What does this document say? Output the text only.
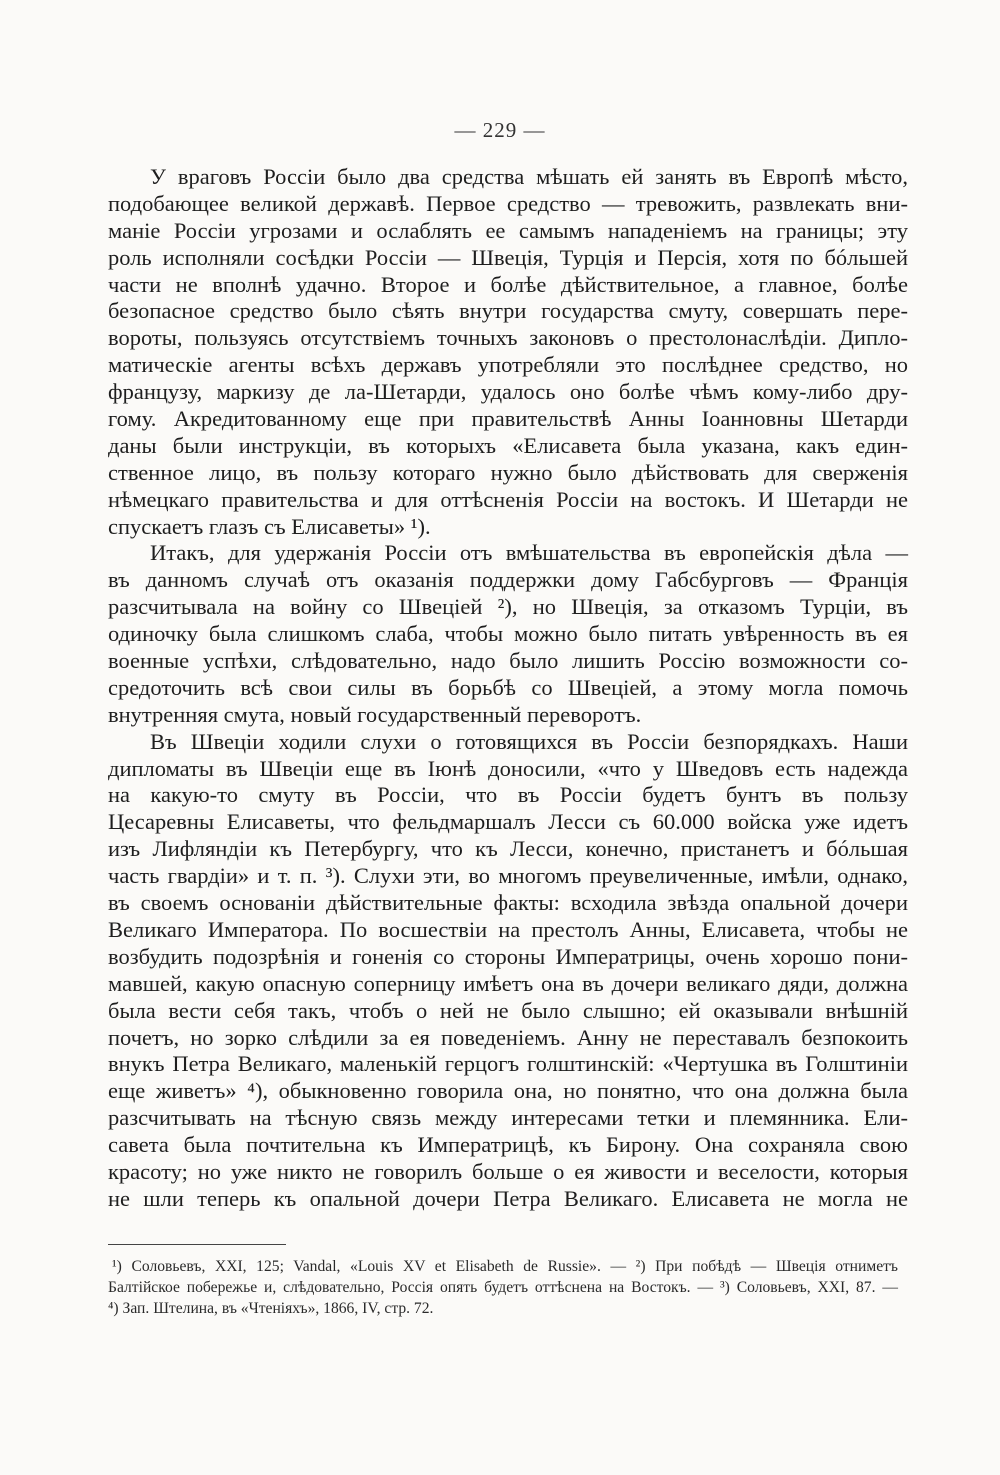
— 229 —
У враговъ Россіи было два средства мѣшать ей занять въ Европѣ мѣсто,
подобающее великой державѣ. Первое средство — тревожить, развлекать вни-
маніе Россіи угрозами и ослаблять ее самымъ нападеніемъ на границы; эту
роль исполняли сосѣдки Россіи — Швеція, Турція и Персія, хотя по бóльшей
части не вполнѣ удачно. Второе и болѣе дѣйствительное, а главное, болѣе
безопасное средство было сѣять внутри государства смуту, совершать пере-
вороты, пользуясь отсутствіемъ точныхъ законовъ о престолонаслѣдіи. Дипло-
матическіе агенты всѣхъ державъ употребляли это послѣднее средство, но
французу, маркизу де ла-Шетарди, удалось оно болѣе чѣмъ кому-либо дру-
гому. Акредитованному еще при правительствѣ Анны Іоанновны Шетарди
даны были инструкціи, въ которыхъ «Елисавета была указана, какъ един-
ственное лицо, въ пользу котораго нужно было дѣйствовать для сверженія
нѣмецкаго правительства и для оттѣсненія Россіи на востокъ. И Шетарди не
спускаетъ глазъ съ Елисаветы» ¹).
Итакъ, для удержанія Россіи отъ вмѣшательства въ европейскія дѣла —
въ данномъ случаѣ отъ оказанія поддержки дому Габсбурговъ — Франція
разсчитывала на войну со Швеціей ²), но Швеція, за отказомъ Турціи, въ
одиночку была слишкомъ слаба, чтобы можно было питать увѣренность въ ея
военные успѣхи, слѣдовательно, надо было лишить Россію возможности со-
средоточить всѣ свои силы въ борьбѣ со Швеціей, а этому могла помочь
внутренняя смута, новый государственный переворотъ.
Въ Швеціи ходили слухи о готовящихся въ Россіи безпорядкахъ. Наши
дипломаты въ Швеціи еще въ Іюнѣ доносили, «что у Шведовъ есть надежда
на какую-то смуту въ Россіи, что въ Россіи будетъ бунтъ въ пользу
Цесаревны Елисаветы, что фельдмаршалъ Лесси съ 60.000 войска уже идетъ
изъ Лифляндіи къ Петербургу, что къ Лесси, конечно, пристанетъ и бóльшая
часть гвардіи» и т. п. ³). Слухи эти, во многомъ преувеличенные, имѣли, однако,
въ своемъ основаніи дѣйствительные факты: всходила звѣзда опальной дочери
Великаго Императора. По восшествіи на престолъ Анны, Елисавета, чтобы не
возбудить подозрѣнія и гоненія со стороны Императрицы, очень хорошо пони-
мавшей, какую опасную соперницу имѣетъ она въ дочери великаго дяди, должна
была вести себя такъ, чтобъ о ней не было слышно; ей оказывали внѣшній
почетъ, но зорко слѣдили за ея поведеніемъ. Анну не переставалъ безпокоить
внукъ Петра Великаго, маленькій герцогъ голштинскій: «Чертушка въ Голштиніи
еще живетъ» ⁴), обыкновенно говорила она, но понятно, что она должна была
разсчитывать на тѣсную связь между интересами тетки и племянника. Ели-
савета была почтительна къ Императрицѣ, къ Бирону. Она сохраняла свою
красоту; но уже никто не говорилъ больше о ея живости и веселости, которыя
не шли теперь къ опальной дочери Петра Великаго. Елисавета не могла не
¹) Соловьевъ, XXI, 125; Vandal, «Louis XV et Elisabeth de Russie». — ²) При побѣдѣ — Швеція отниметъ
Балтійское побережье и, слѣдовательно, Россія опять будетъ оттѣснена на Востокъ. — ³) Соловьевъ, XXI, 87. —
⁴) Зап. Штелина, въ «Чтеніяхъ», 1866, IV, стр. 72.
